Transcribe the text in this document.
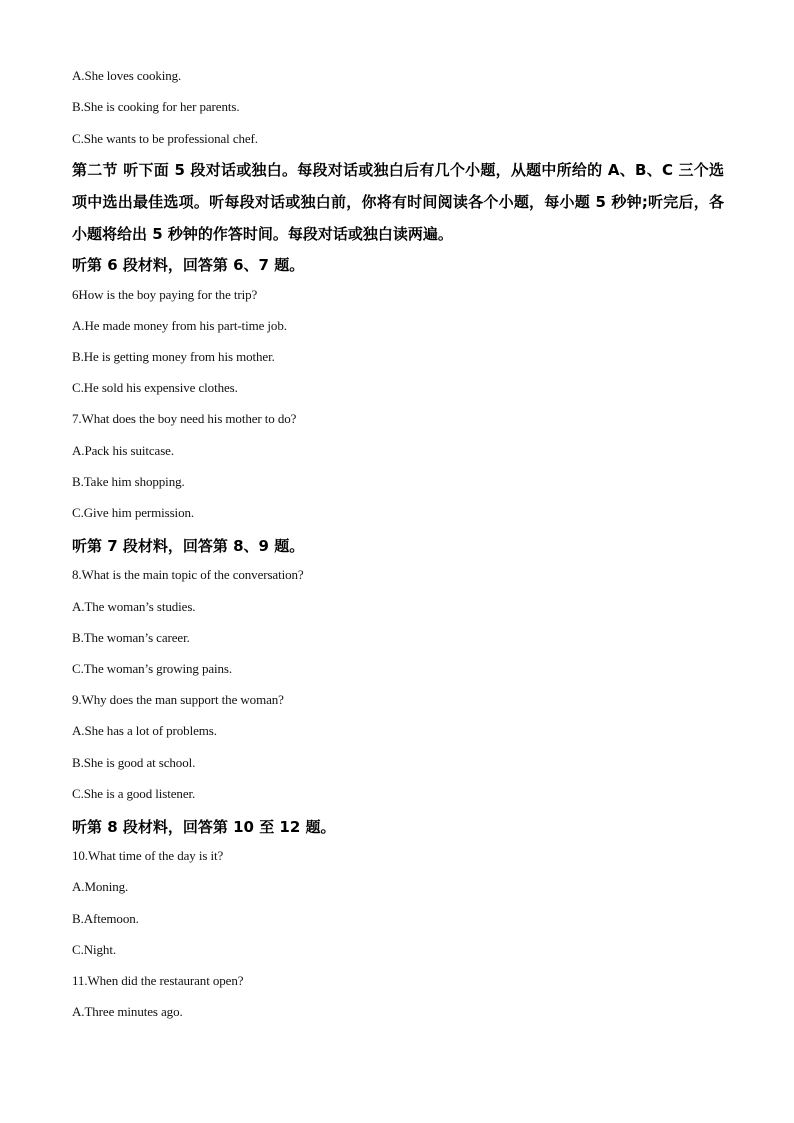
A.She loves cooking.

B.She is cooking for her parents.

C.She wants to be professional chef.

第二节 听下面 5 段对话或独白。每段对话或独白后有几个小题，从题中所给的 A、B、C 三个选项中选出最佳选项。听每段对话或独白前，你将有时间阅读各个小题，每小题 5 秒钟;听完后，各小题将给出 5 秒钟的作答时间。每段对话或独白读两遍。

听第 6 段材料，回答第 6、7 题。

6How is the boy paying for the trip?

A.He made money from his part-time job.

B.He is getting money from his mother.

C.He sold his expensive clothes.

7.What does the boy need his mother to do?

A.Pack his suitcase.

B.Take him shopping.

C.Give him permission.

听第 7 段材料，回答第 8、9 题。

8.What is the main topic of the conversation?

A.The woman’s studies.

B.The woman’s career.

C.The woman’s growing pains.

9.Why does the man support the woman?

A.She has a lot of problems.

B.She is good at school.

C.She is a good listener.

听第 8 段材料，回答第 10 至 12 题。

10.What time of the day is it?

A.Moning.

B.Aftemoon.

C.Night.

11.When did the restaurant open?

A.Three minutes ago.
